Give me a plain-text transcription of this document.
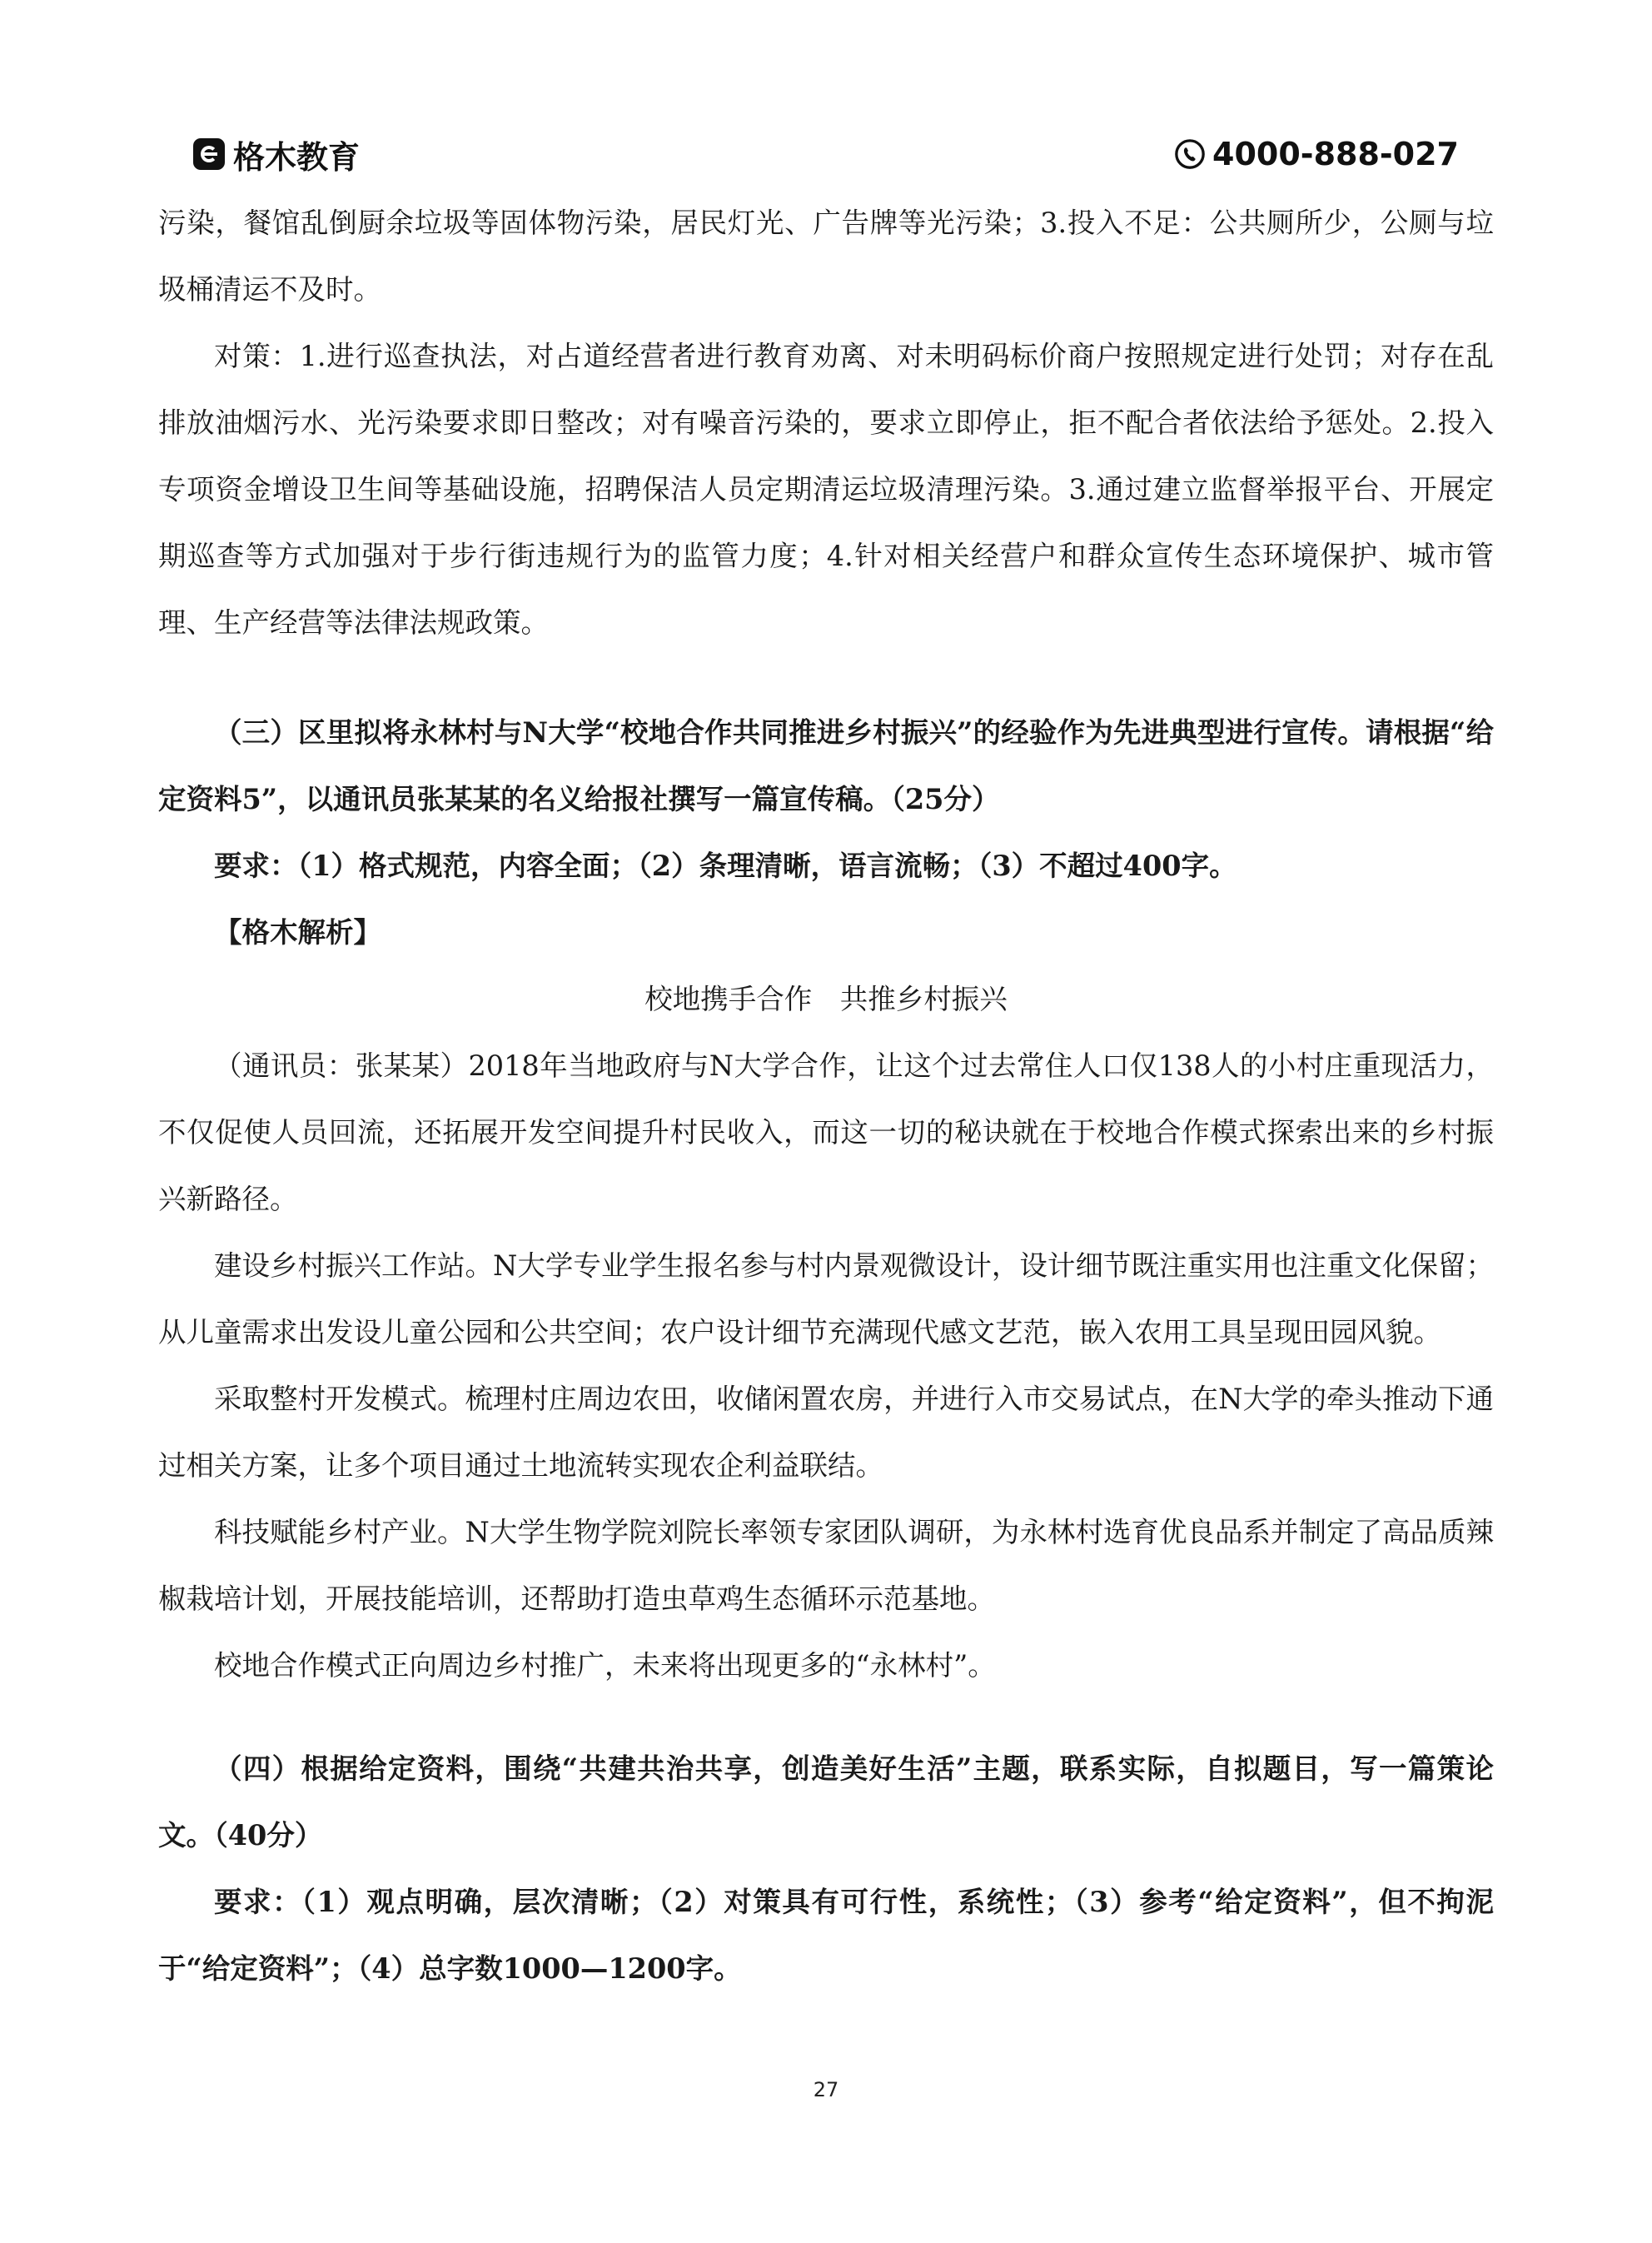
格木教育	4000-888-027

污染，餐馆乱倒厨余垃圾等固体物污染，居民灯光、广告牌等光污染；3.投入不足：公共厕所少，公厕与垃圾桶清运不及时。

对策：1.进行巡查执法，对占道经营者进行教育劝离、对未明码标价商户按照规定进行处罚；对存在乱排放油烟污水、光污染要求即日整改；对有噪音污染的，要求立即停止，拒不配合者依法给予惩处。2.投入专项资金增设卫生间等基础设施，招聘保洁人员定期清运垃圾清理污染。3.通过建立监督举报平台、开展定期巡查等方式加强对于步行街违规行为的监管力度；4.针对相关经营户和群众宣传生态环境保护、城市管理、生产经营等法律法规政策。

（三）区里拟将永林村与N大学“校地合作共同推进乡村振兴”的经验作为先进典型进行宣传。请根据“给定资料5”，以通讯员张某某的名义给报社撰写一篇宣传稿。（25分）

要求：（1）格式规范，内容全面；（2）条理清晰，语言流畅；（3）不超过400字。

【格木解析】

校地携手合作　共推乡村振兴

（通讯员：张某某）2018年当地政府与N大学合作，让这个过去常住人口仅138人的小村庄重现活力，不仅促使人员回流，还拓展开发空间提升村民收入，而这一切的秘诀就在于校地合作模式探索出来的乡村振兴新路径。

建设乡村振兴工作站。N大学专业学生报名参与村内景观微设计，设计细节既注重实用也注重文化保留；从儿童需求出发设儿童公园和公共空间；农户设计细节充满现代感文艺范，嵌入农用工具呈现田园风貌。

采取整村开发模式。梳理村庄周边农田，收储闲置农房，并进行入市交易试点，在N大学的牵头推动下通过相关方案，让多个项目通过土地流转实现农企利益联结。

科技赋能乡村产业。N大学生物学院刘院长率领专家团队调研，为永林村选育优良品系并制定了高品质辣椒栽培计划，开展技能培训，还帮助打造虫草鸡生态循环示范基地。

校地合作模式正向周边乡村推广，未来将出现更多的“永林村”。

（四）根据给定资料，围绕“共建共治共享，创造美好生活”主题，联系实际，自拟题目，写一篇策论文。（40分）

要求：（1）观点明确，层次清晰；（2）对策具有可行性，系统性；（3）参考“给定资料”，但不拘泥于“给定资料”；（4）总字数1000—1200字。

27
